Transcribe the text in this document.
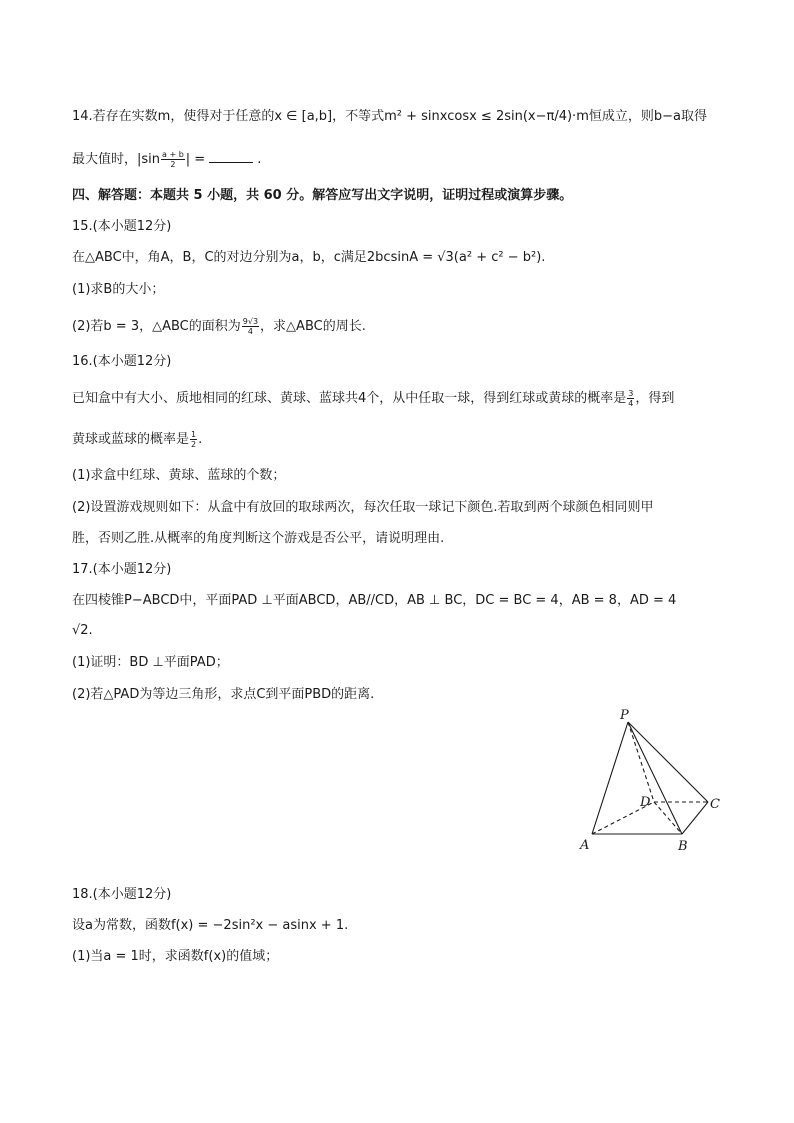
14.若存在实数m，使得对于任意的x ∈ [a,b]，不等式m² + sinxcosx ≤ 2sin(x−π/4)·m恒成立，则b−a取得
最大值时，$|\sin \frac{a + b}{2}$ | =	.
四、解答题：本题共 5 小题，共 60 分。解答应写出文字说明，证明过程或演算步骤。
15.(本小题12分)
在△ABC中，角A，B，C的对边分别为a，b，c满足2bcsinA = √3(a² + c² − b²).
(1)求B的大小；
(2)若b = 3，△ABC的面积为 $\frac{9√3}{4}$ ，求△ABC的周长.
16.(本小题12分)
已知盒中有大小、质地相同的红球、黄球、蓝球共4个，从中任取一球，得到红球或黄球的概率是 $\frac{3}{4}$ ，得到
黄球或蓝球的概率是 $\frac{1}{2}$ .
(1)求盒中红球、黄球、蓝球的个数；
(2)设置游戏规则如下：从盒中有放回的取球两次，每次任取一球记下颜色.若取到两个球颜色相同则甲
胜，否则乙胜.从概率的角度判断这个游戏是否公平，请说明理由.
17.(本小题12分)
在四棱锥P−ABCD中，平面PAD ⊥平面ABCD，AB//CD，AB ⊥ BC，DC = BC = 4，AB = 8，AD = 4
√2.
(1)证明：BD ⊥平面PAD；
(2)若△PAD为等边三角形，求点C到平面PBD的距离.
P
A	B
C
D
18.(本小题12分)
设a为常数，函数f(x) = −2sin²x − asinx + 1.
(1)当a = 1时，求函数f(x)的值域；
